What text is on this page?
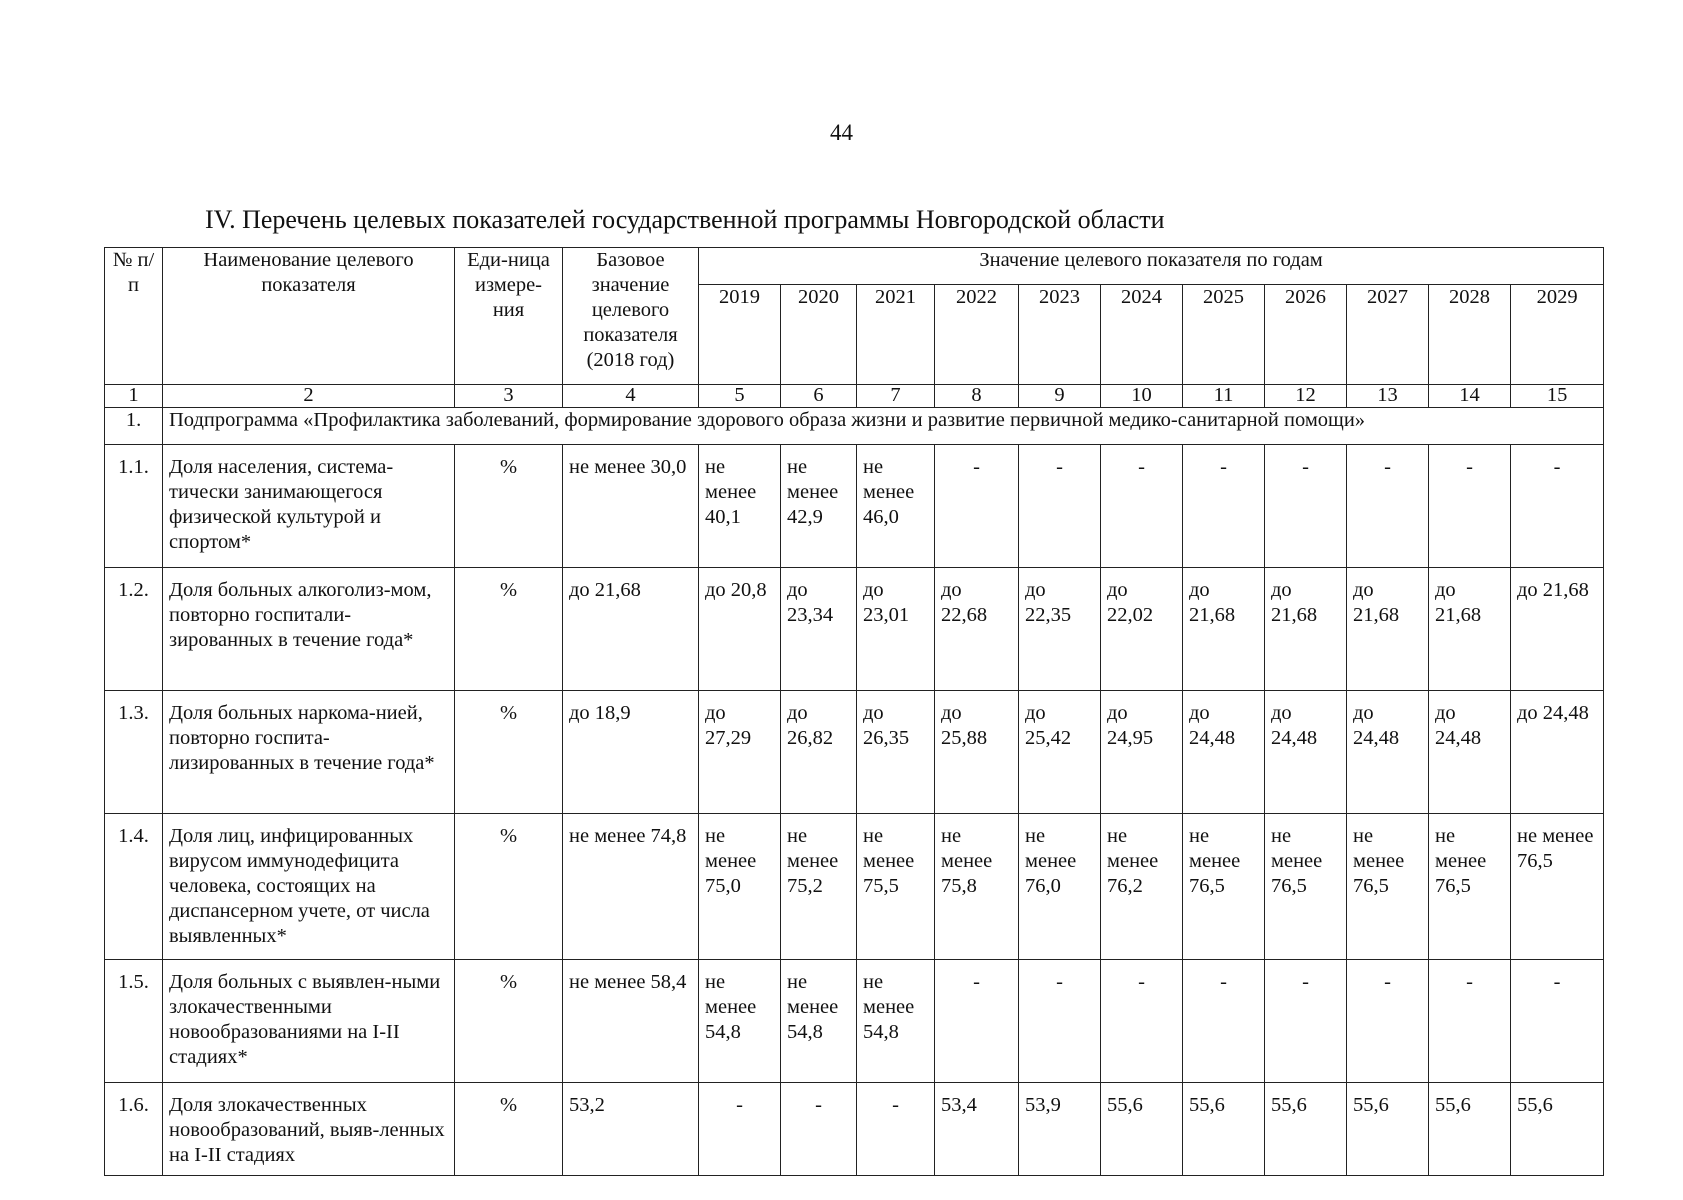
44
IV. Перечень целевых показателей государственной программы Новгородской области
№ п/п	Наименование целевого показателя	Еди-ница измере-ния	Базовое значение целевого показателя (2018 год)	Значение целевого показателя по годам										
				2019	2020	2021	2022	2023	2024	2025	2026	2027	2028	2029
1	2	3	4	5	6	7	8	9	10	11	12	13	14	15
1.	Подпрограмма «Профилактика заболеваний, формирование здорового образа жизни и развитие первичной медико-санитарной помощи»													
1.1.	Доля населения, система-тически занимающегося физической культурой и спортом*	%	не менее 30,0	не менее 40,1	не менее 42,9	не менее 46,0	-	-	-	-	-	-	-	-
1.2.	Доля больных алкоголиз-мом, повторно госпитали-зированных в течение года*	%	до 21,68	до 20,8	до 23,34	до 23,01	до 22,68	до 22,35	до 22,02	до 21,68	до 21,68	до 21,68	до 21,68	до 21,68
1.3.	Доля больных наркома-нией, повторно госпита-лизированных в течение года*	%	до 18,9	до 27,29	до 26,82	до 26,35	до 25,88	до 25,42	до 24,95	до 24,48	до 24,48	до 24,48	до 24,48	до 24,48
1.4.	Доля лиц, инфицированных вирусом иммунодефицита человека, состоящих на диспансерном учете, от числа выявленных*	%	не менее 74,8	не менее 75,0	не менее 75,2	не менее 75,5	не менее 75,8	не менее 76,0	не менее 76,2	не менее 76,5	не менее 76,5	не менее 76,5	не менее 76,5	не менее 76,5
1.5.	Доля больных с выявлен-ными злокачественными новообразованиями на I-II стадиях*	%	не менее 58,4	не менее 54,8	не менее 54,8	не менее 54,8	-	-	-	-	-	-	-	-
1.6.	Доля злокачественных новообразований, выяв-ленных на I-II стадиях	%	53,2	-	-	-	53,4	53,9	55,6	55,6	55,6	55,6	55,6	55,6
